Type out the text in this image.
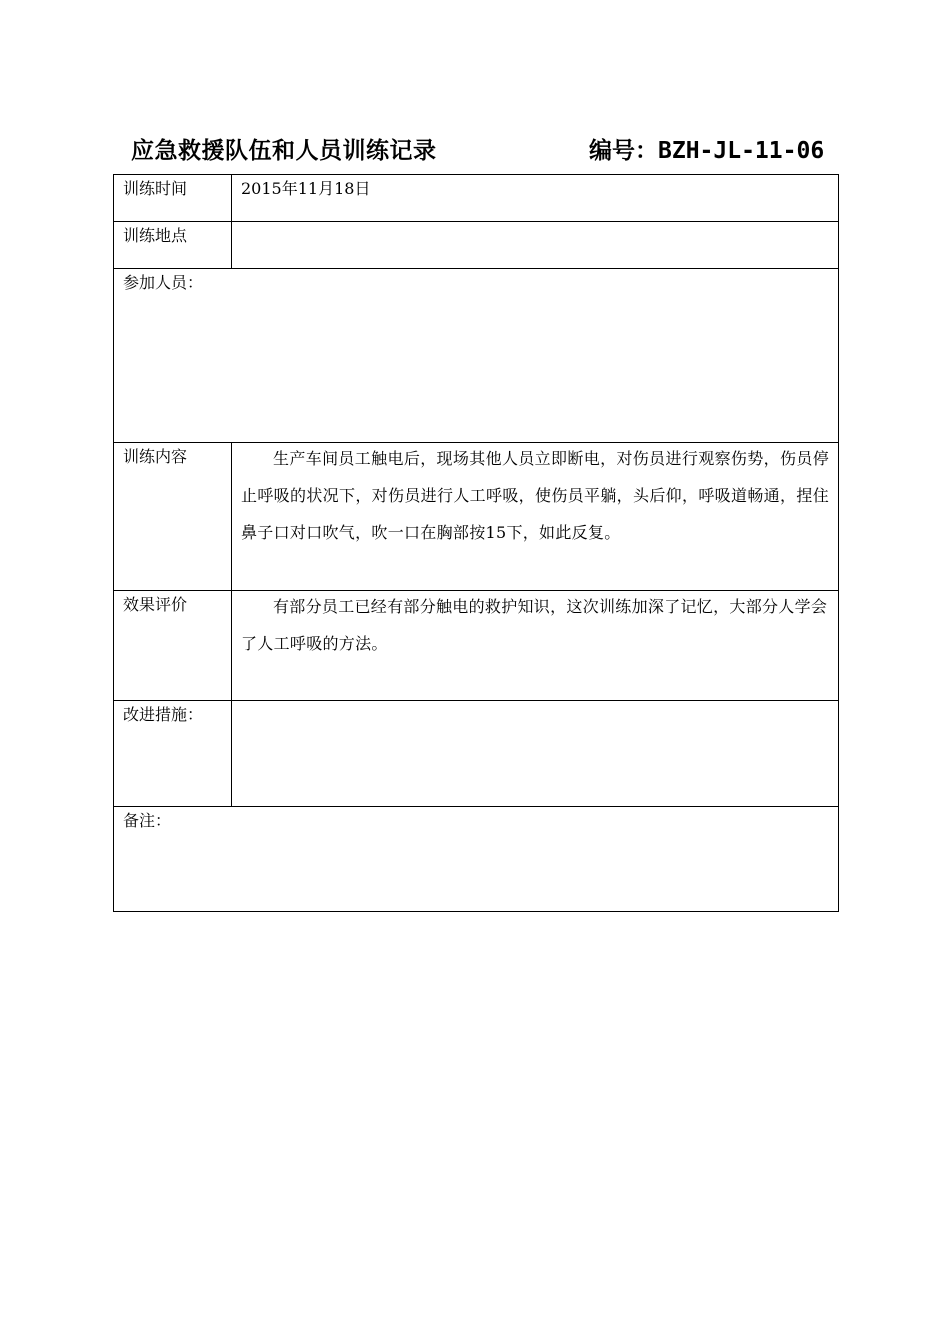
应急救援队伍和人员训练记录	编号：BZH-JL-11-06
训练时间	2015年11月18日
训练地点	
参加人员：	
训练内容	生产车间员工触电后，现场其他人员立即断电，对伤员进行观察伤势，伤员停止呼吸的状况下，对伤员进行人工呼吸，使伤员平躺，头后仰，呼吸道畅通，捏住鼻子口对口吹气，吹一口在胸部按15下，如此反复。

效果评价	有部分员工已经有部分触电的救护知识，这次训练加深了记忆，大部分人学会了人工呼吸的方法。

改进措施：	
备注：	
